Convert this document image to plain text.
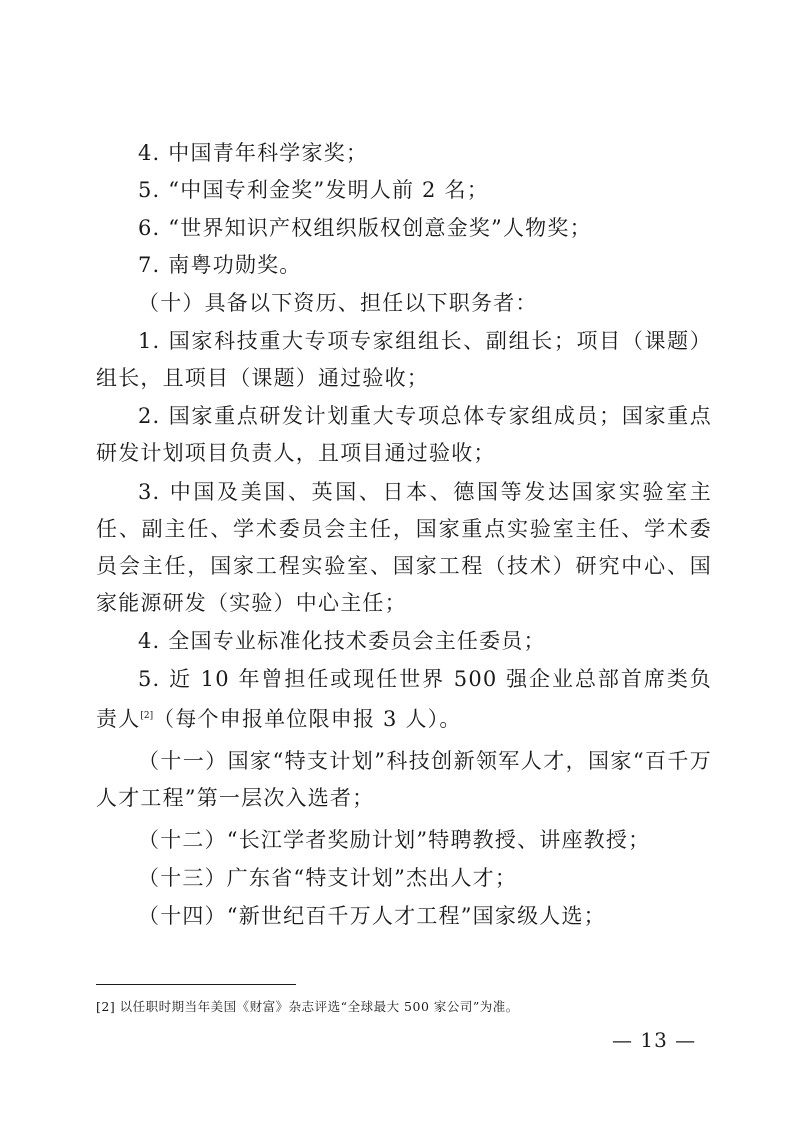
4. 中国青年科学家奖；

5. “中国专利金奖”发明人前 2 名；

6. “世界知识产权组织版权创意金奖”人物奖；

7. 南粤功勋奖。

（十）具备以下资历、担任以下职务者：

1. 国家科技重大专项专家组组长、副组长；项目（课题）组长，且项目（课题）通过验收；

2. 国家重点研发计划重大专项总体专家组成员；国家重点研发计划项目负责人，且项目通过验收；

3. 中国及美国、英国、日本、德国等发达国家实验室主任、副主任、学术委员会主任，国家重点实验室主任、学术委员会主任，国家工程实验室、国家工程（技术）研究中心、国家能源研发（实验）中心主任；

4. 全国专业标准化技术委员会主任委员；

5. 近 10 年曾担任或现任世界 500 强企业总部首席类负责人[2]（每个申报单位限申报 3 人）。

（十一）国家“特支计划”科技创新领军人才，国家“百千万人才工程”第一层次入选者；

（十二）“长江学者奖励计划”特聘教授、讲座教授；

（十三）广东省“特支计划”杰出人才；

（十四）“新世纪百千万人才工程”国家级人选；

[2] 以任职时期当年美国《财富》杂志评选“全球最大 500 家公司”为准。
— 13 —
